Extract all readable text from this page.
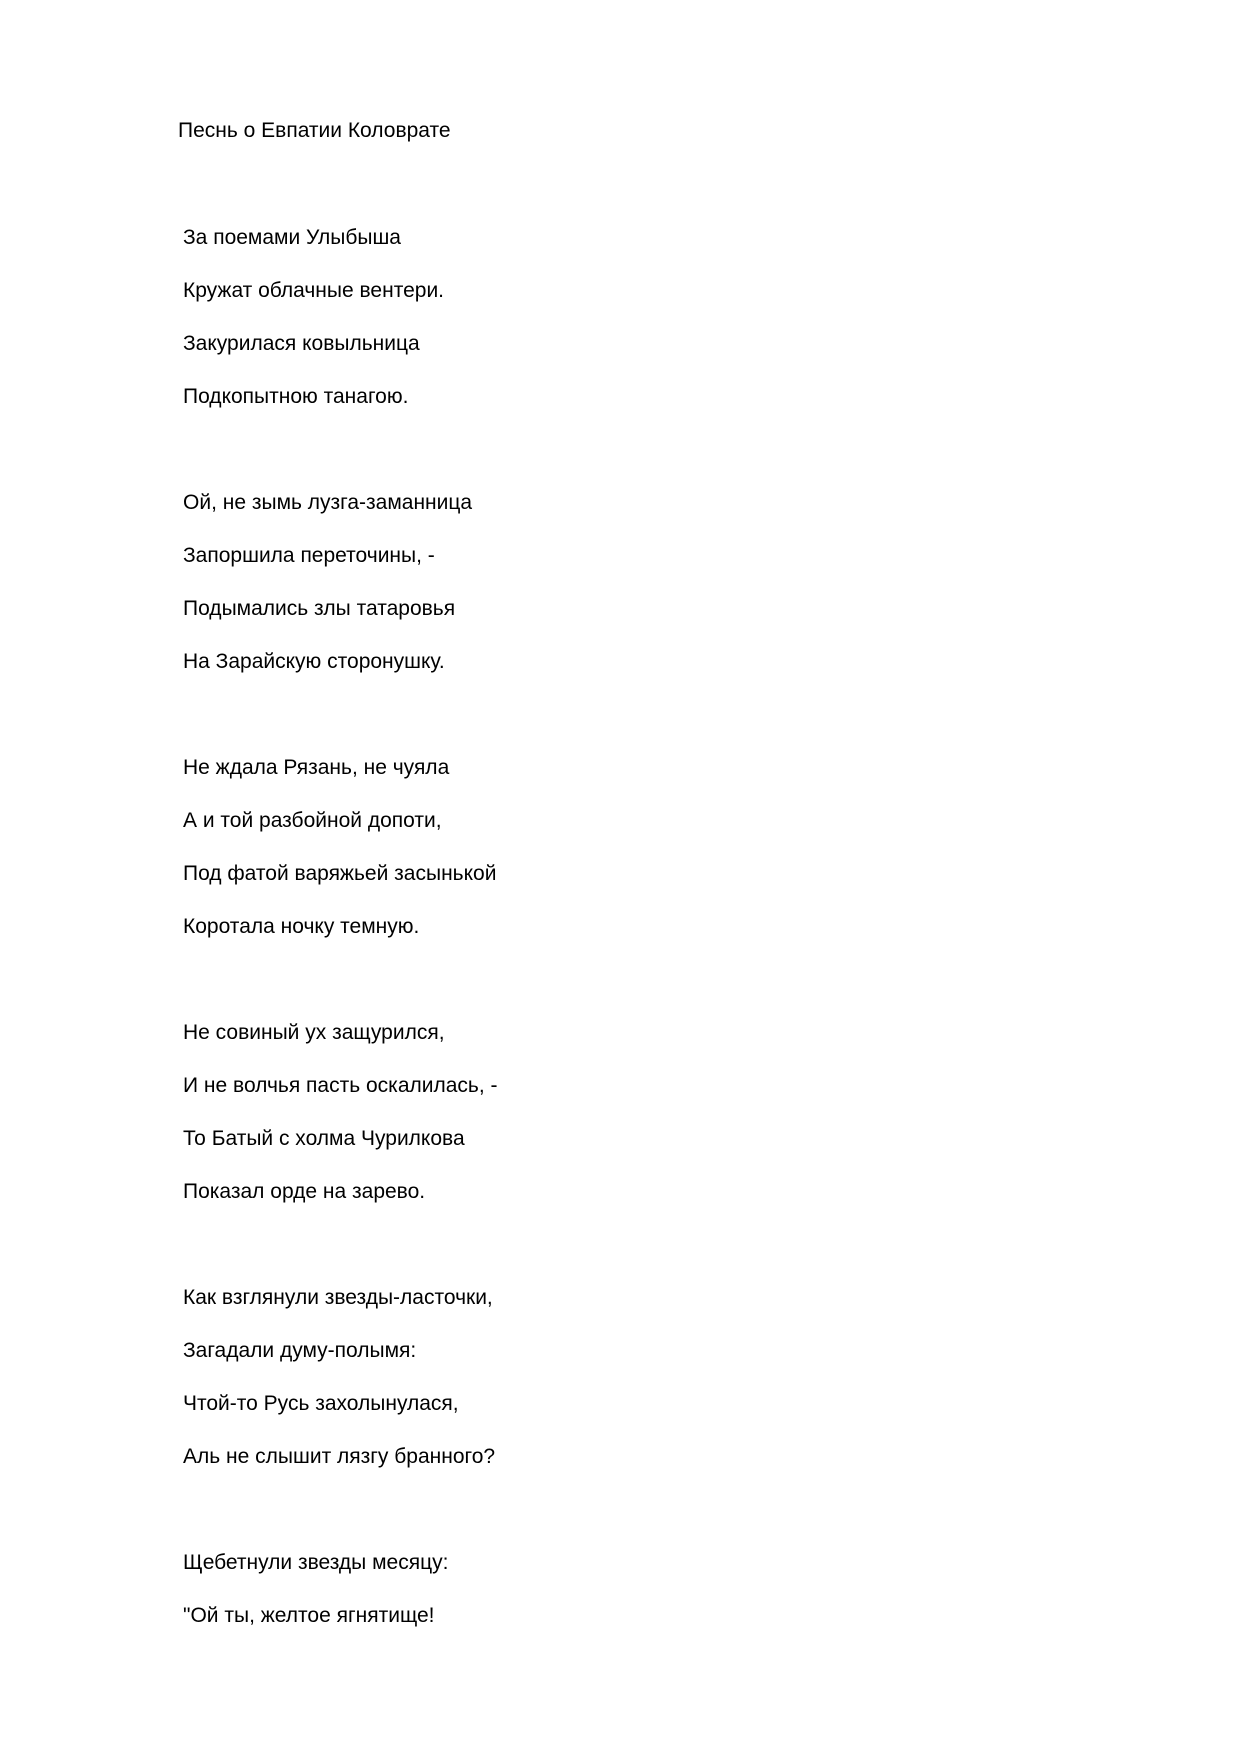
Песнь о Евпатии Коловрате
За поемами Улыбыша
Кружат облачные вентери.
Закурилася ковыльница
Подкопытною танагою.
Ой, не зымь лузга-заманница
Запоршила переточины, -
Подымались злы татаровья
На Зарайскую сторонушку.
Не ждала Рязань, не чуяла
А и той разбойной допоти,
Под фатой варяжьей засынькой
Коротала ночку темную.
Не совиный ух защурился,
И не волчья пасть оскалилась, -
То Батый с холма Чурилкова
Показал орде на зарево.
Как взглянули звезды-ласточки,
Загадали думу-полымя:
Чтой-то Русь захолынулася,
Аль не слышит лязгу бранного?
Щебетнули звезды месяцу:
"Ой ты, желтое ягнятище!
